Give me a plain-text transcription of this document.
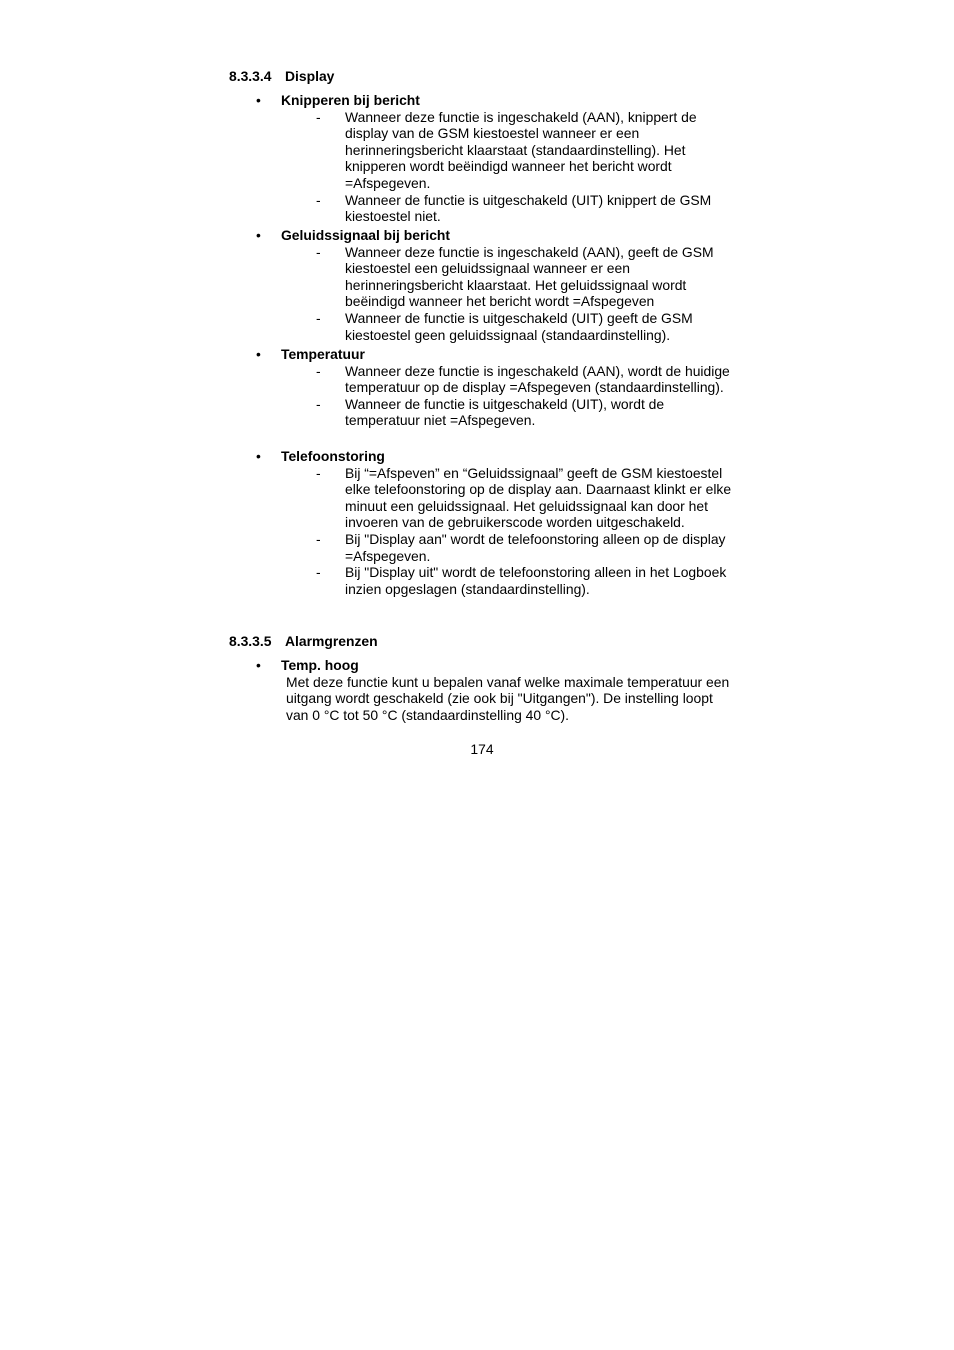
8.3.3.4 Display
•	Knipperen bij bericht
- Wanneer deze functie is ingeschakeld (AAN), knippert de display van de GSM kiestoestel wanneer er een herinneringsbericht klaarstaat (standaardinstelling). Het knipperen wordt beëindigd wanneer het bericht wordt =Afspegeven.
- Wanneer de functie is uitgeschakeld (UIT) knippert de GSM kiestoestel niet.
•	Geluidssignaal bij bericht
- Wanneer deze functie is ingeschakeld (AAN), geeft de GSM kiestoestel een geluidssignaal wanneer er een herinneringsbericht klaarstaat. Het geluidssignaal wordt beëindigd wanneer het bericht wordt =Afspegeven
- Wanneer de functie is uitgeschakeld (UIT) geeft de GSM kiestoestel geen geluidssignaal (standaardinstelling).
•	Temperatuur
- Wanneer deze functie is ingeschakeld (AAN), wordt de huidige temperatuur op de display =Afspegeven (standaardinstelling).
- Wanneer de functie is uitgeschakeld (UIT), wordt de temperatuur niet =Afspegeven.
•	Telefoonstoring
- Bij “=Afspeven” en “Geluidssignaal” geeft de GSM kiestoestel elke telefoonstoring op de display aan. Daarnaast klinkt er elke minuut een geluidssignaal. Het geluidssignaal kan door het invoeren van de gebruikerscode worden uitgeschakeld.
- Bij "Display aan" wordt de telefoonstoring alleen op de display =Afspegeven.
- Bij "Display uit" wordt de telefoonstoring alleen in het Logboek inzien opgeslagen (standaardinstelling).
8.3.3.5 Alarmgrenzen
•	Temp. hoog
Met deze functie kunt u bepalen vanaf welke maximale temperatuur een uitgang wordt geschakeld (zie ook bij "Uitgangen"). De instelling loopt van 0 °C tot 50 °C (standaardinstelling 40 °C).
174
